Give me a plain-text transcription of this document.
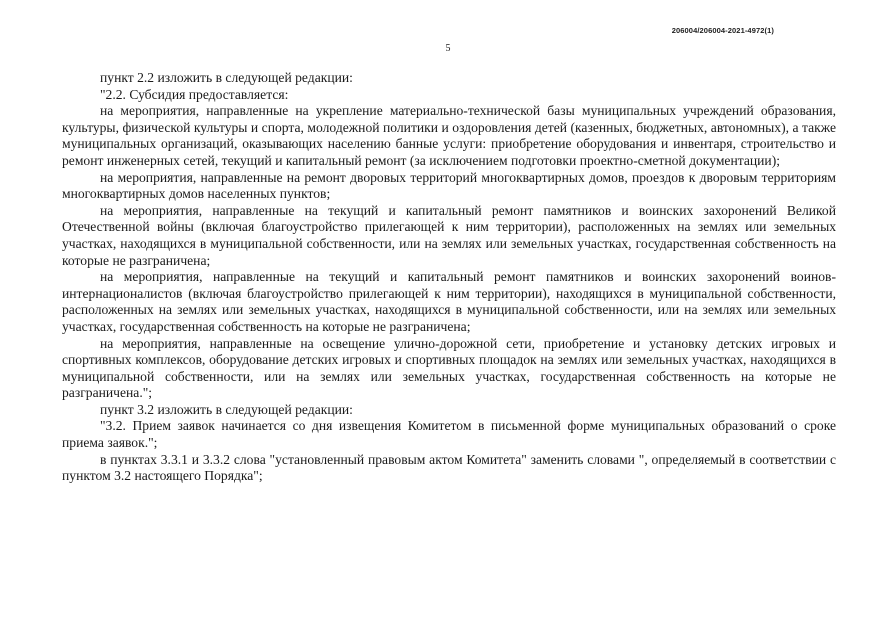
206004/206004-2021-4972(1)
5

пункт 2.2 изложить в следующей редакции:

"2.2. Субсидия предоставляется:

на мероприятия, направленные на укрепление материально-технической базы муниципальных учреждений образования, культуры, физической культуры и спорта, молодежной политики и оздоровления детей (казенных, бюджетных, автономных), а также муниципальных организаций, оказывающих населению банные услуги: приобретение оборудования и инвентаря, строительство и ремонт инженерных сетей, текущий и капитальный ремонт (за исключением подготовки проектно-сметной документации);

на мероприятия, направленные на ремонт дворовых территорий многоквартирных домов, проездов к дворовым территориям многоквартирных домов населенных пунктов;

на мероприятия, направленные на текущий и капитальный ремонт памятников и воинских захоронений Великой Отечественной войны (включая благоустройство прилегающей к ним территории), расположенных на землях или земельных участках, находящихся в муниципальной собственности, или на землях или земельных участках, государственная собственность на которые не разграничена;

на мероприятия, направленные на текущий и капитальный ремонт памятников и воинских захоронений воинов-интернационалистов (включая благоустройство прилегающей к ним территории), находящихся в муниципальной собственности, расположенных на землях или земельных участках, находящихся в муниципальной собственности, или на землях или земельных участках, государственная собственность на которые не разграничена;

на мероприятия, направленные на освещение улично-дорожной сети, приобретение и установку детских игровых и спортивных комплексов, оборудование детских игровых и спортивных площадок на землях или земельных участках, находящихся в муниципальной собственности, или на землях или земельных участках, государственная собственность на которые не разграничена.";

пункт 3.2 изложить в следующей редакции:

"3.2. Прием заявок начинается со дня извещения Комитетом в письменной форме муниципальных образований о сроке приема заявок.";

в пунктах 3.3.1 и 3.3.2 слова "установленный правовым актом Комитета" заменить словами ", определяемый в соответствии с пунктом 3.2 настоящего Порядка";
